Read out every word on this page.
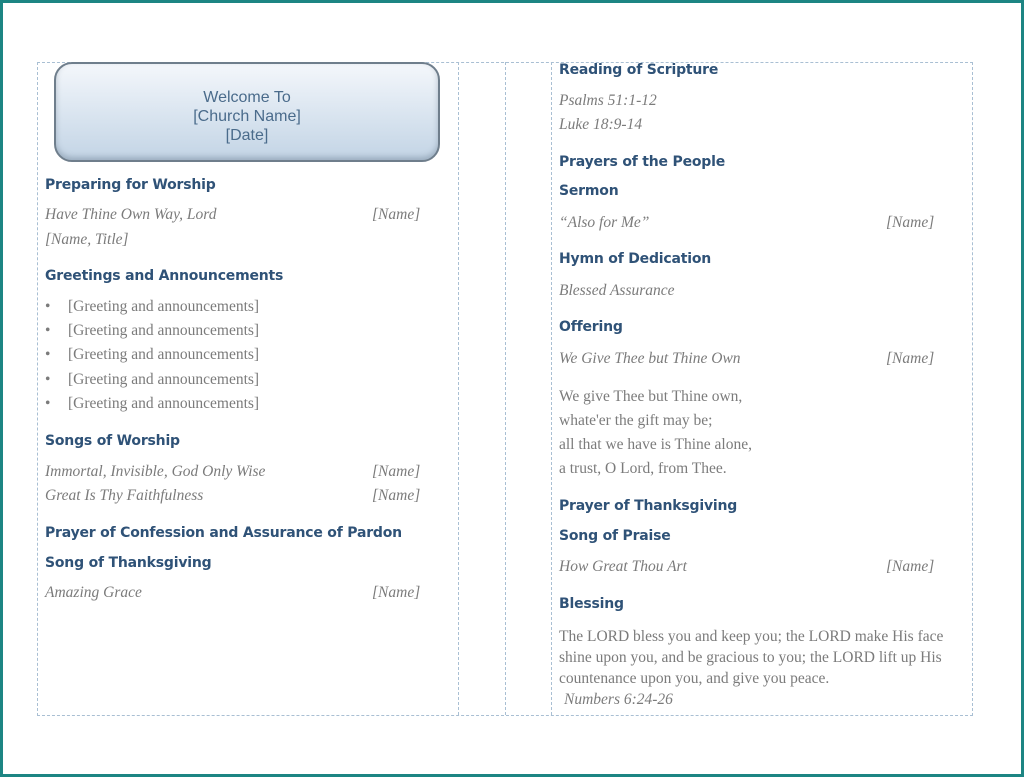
Welcome To
[Church Name]
[Date]
Preparing for Worship
Have Thine Own Way, Lord	[Name]
[Name, Title]
Greetings and Announcements
• [Greeting and announcements]
• [Greeting and announcements]
• [Greeting and announcements]
• [Greeting and announcements]
• [Greeting and announcements]
Songs of Worship
Immortal, Invisible, God Only Wise	[Name]
Great Is Thy Faithfulness	[Name]
Prayer of Confession and Assurance of Pardon
Song of Thanksgiving
Amazing Grace	[Name]
Reading of Scripture
Psalms 51:1-12
Luke 18:9-14
Prayers of the People
Sermon
“Also for Me”	[Name]
Hymn of Dedication
Blessed Assurance
Offering
We Give Thee but Thine Own	[Name]
We give Thee but Thine own,
whate'er the gift may be;
all that we have is Thine alone,
a trust, O Lord, from Thee.
Prayer of Thanksgiving
Song of Praise
How Great Thou Art	[Name]
Blessing
The LORD bless you and keep you; the LORD make His face shine upon you, and be gracious to you; the LORD lift up His countenance upon you, and give you peace.
Numbers 6:24-26
